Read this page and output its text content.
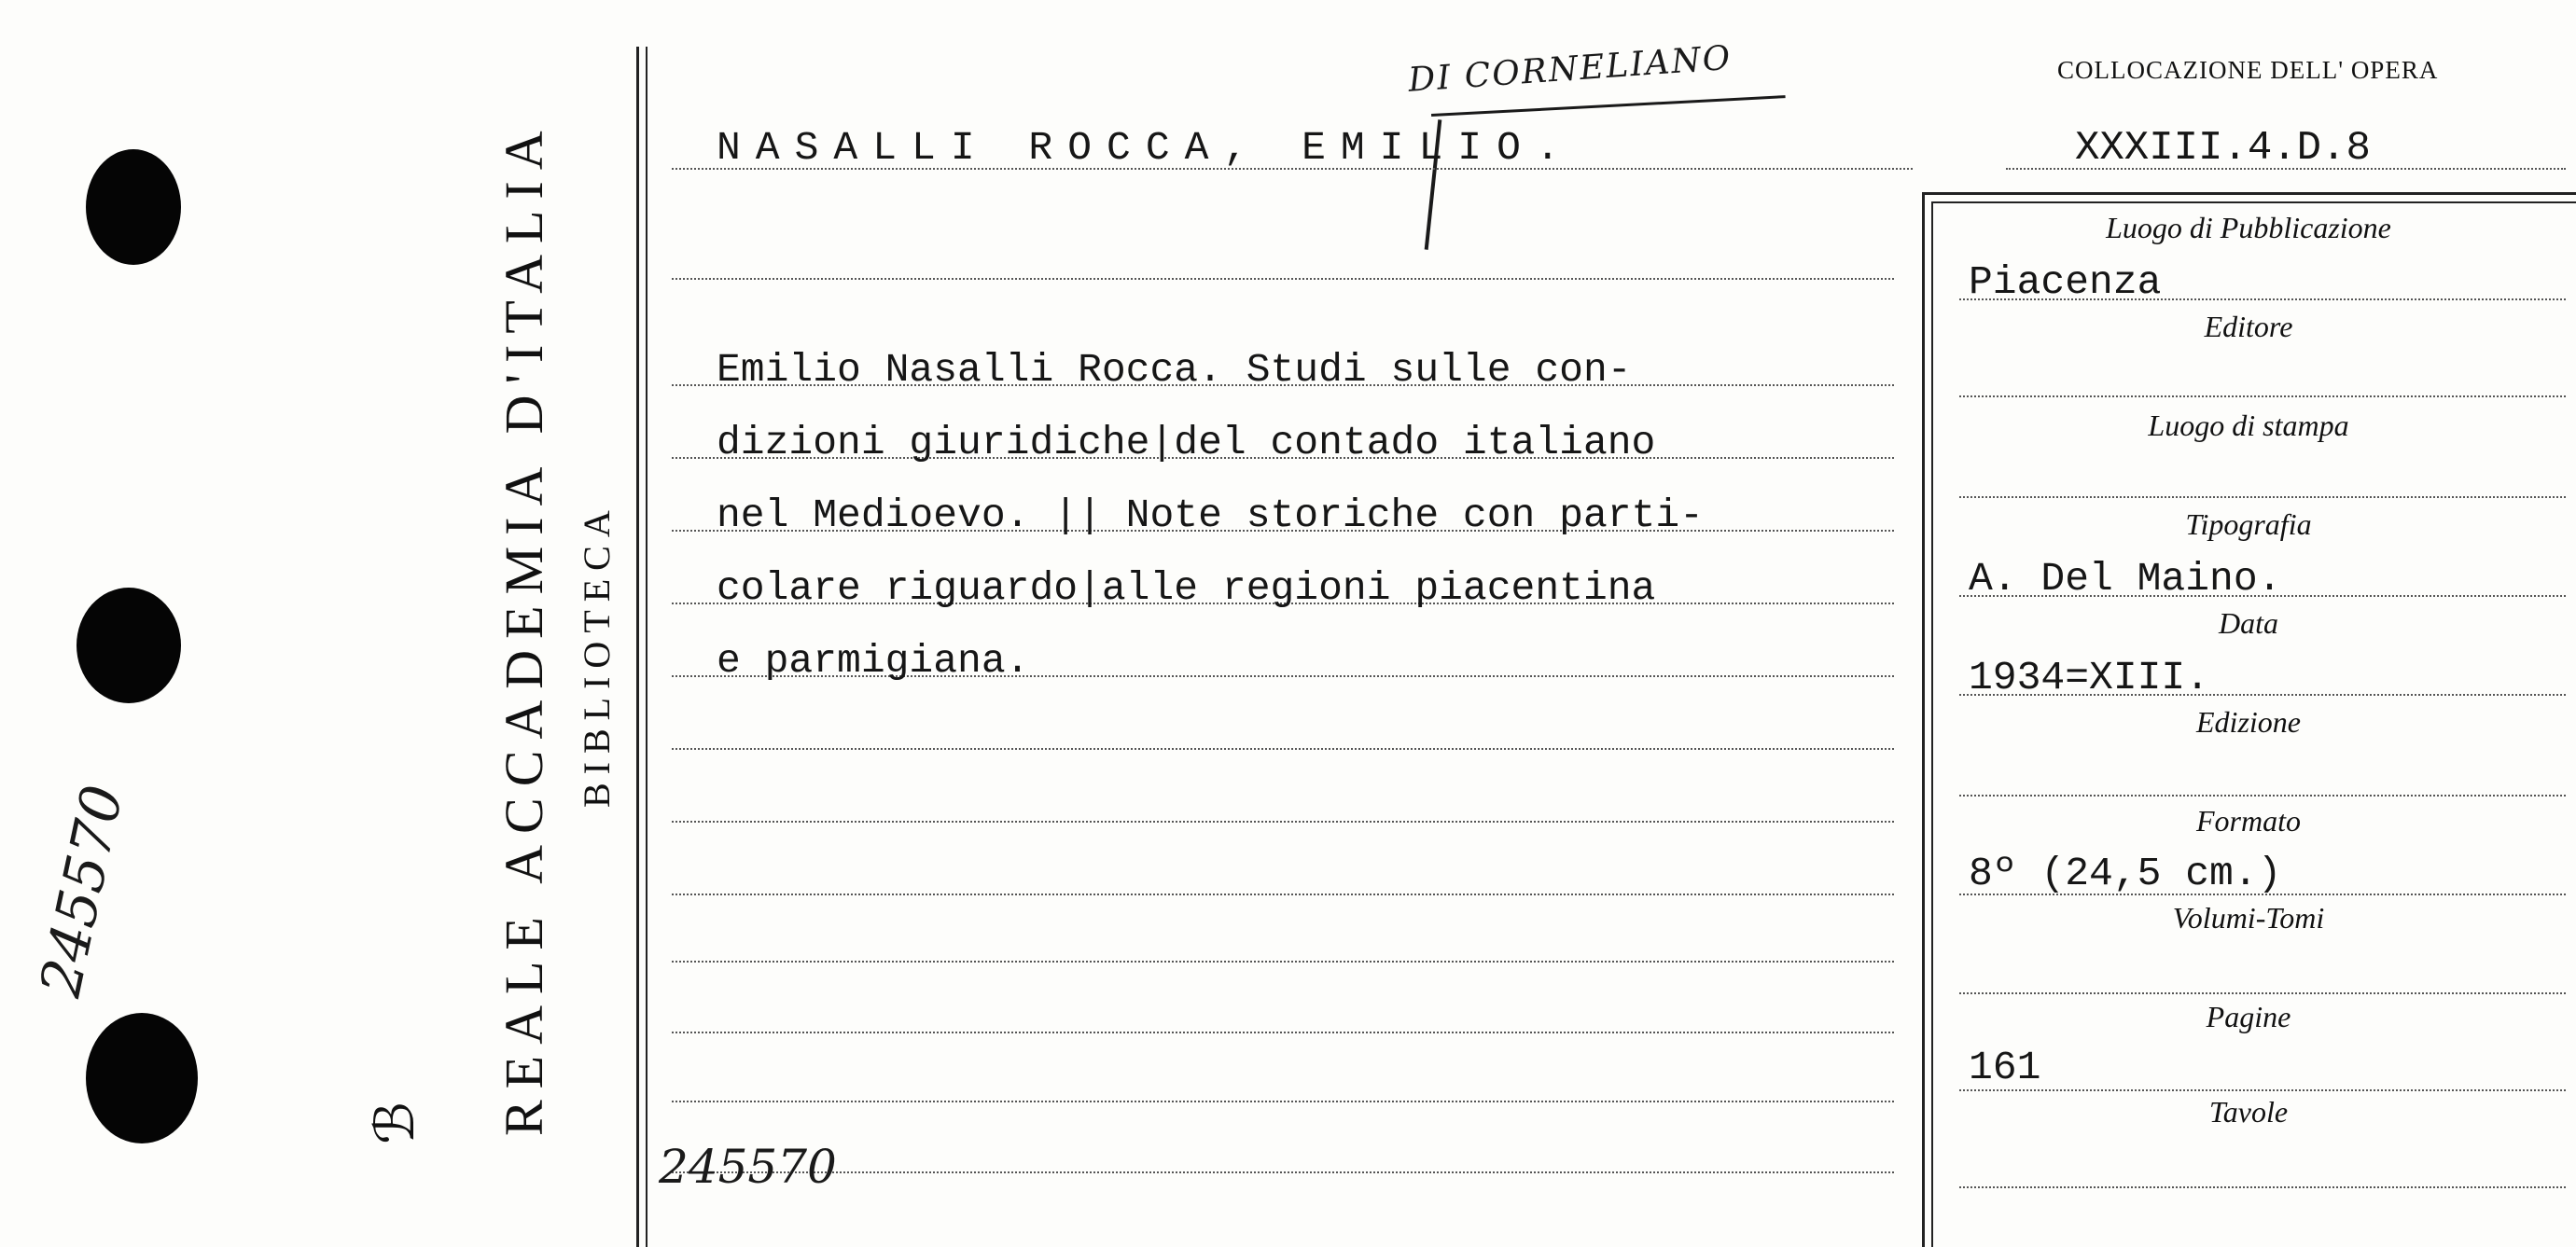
245570
ℬ REALE ACCADEMIA D'ITALIA BIBLIOTECA
COLLOCAZIONE DELL' OPERA
XXXIII.4.D.8
DI CORNELIANO
NASALLI ROCCA, EMILIO.
Emilio Nasalli Rocca. Studi sulle con-
dizioni giuridiche|del contado italiano
nel Medioevo. || Note storiche con parti-
colare riguardo|alle regioni piacentina
e parmigiana.
245570
Luogo di Pubblicazione
Piacenza
Editore
Luogo di stampa
Tipografia
A. Del Maino.
Data
1934=XIII.
Edizione
Formato
8º (24,5 cm.)
Volumi-Tomi
Pagine
161
Tavole
